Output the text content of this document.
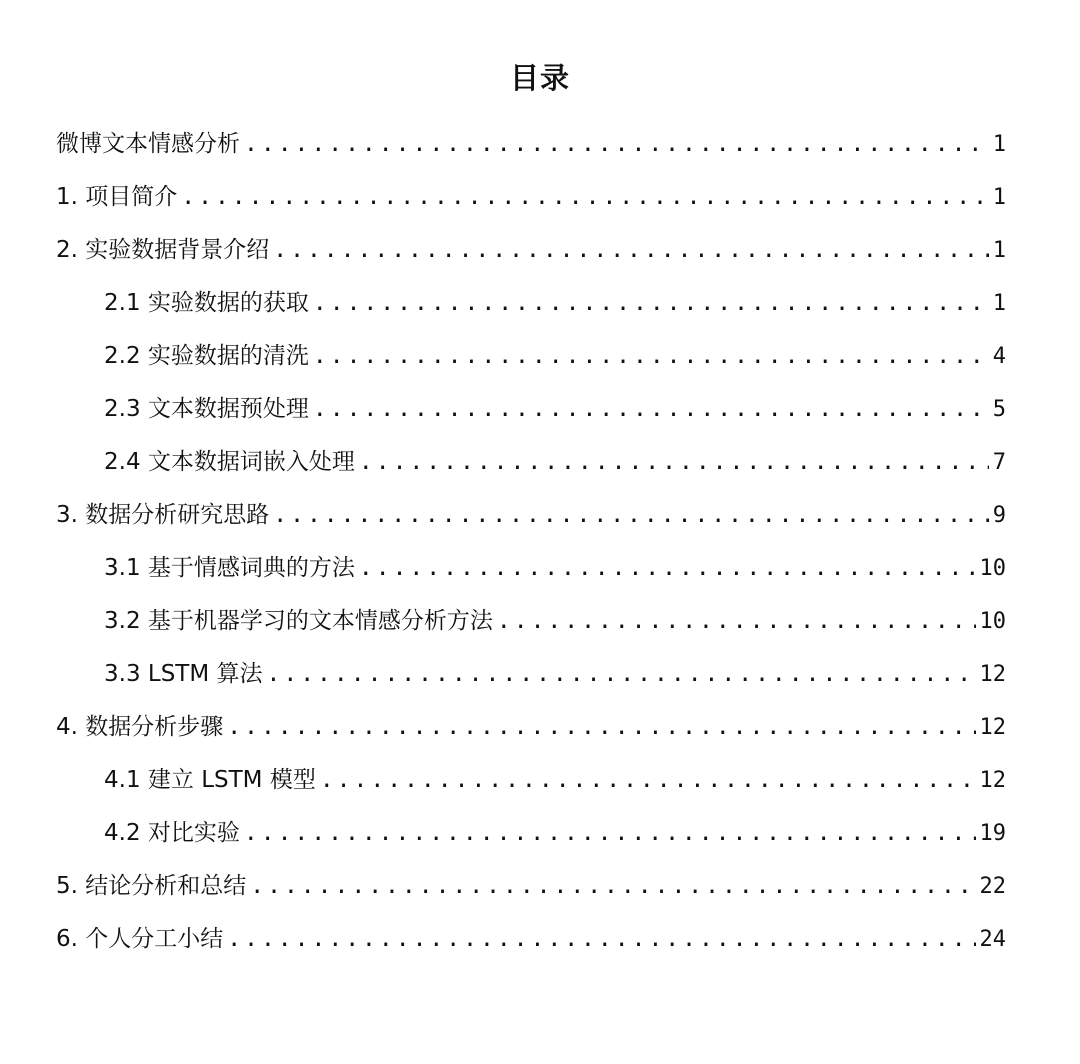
目录
微博文本情感分析 .....	1
1. 项目简介 .....	1
2. 实验数据背景介绍 .....	1
2.1 实验数据的获取 .....	1
2.2 实验数据的清洗 .....	4
2.3 文本数据预处理 .....	5
2.4 文本数据词嵌入处理 .....	7
3. 数据分析研究思路 .....	9
3.1 基于情感词典的方法 .....	10
3.2 基于机器学习的文本情感分析方法 .....	10
3.3 LSTM 算法 .....	12
4. 数据分析步骤 .....	12
4.1 建立 LSTM 模型 .....	12
4.2 对比实验 .....	19
5. 结论分析和总结 .....	22
6. 个人分工小结 .....	24
